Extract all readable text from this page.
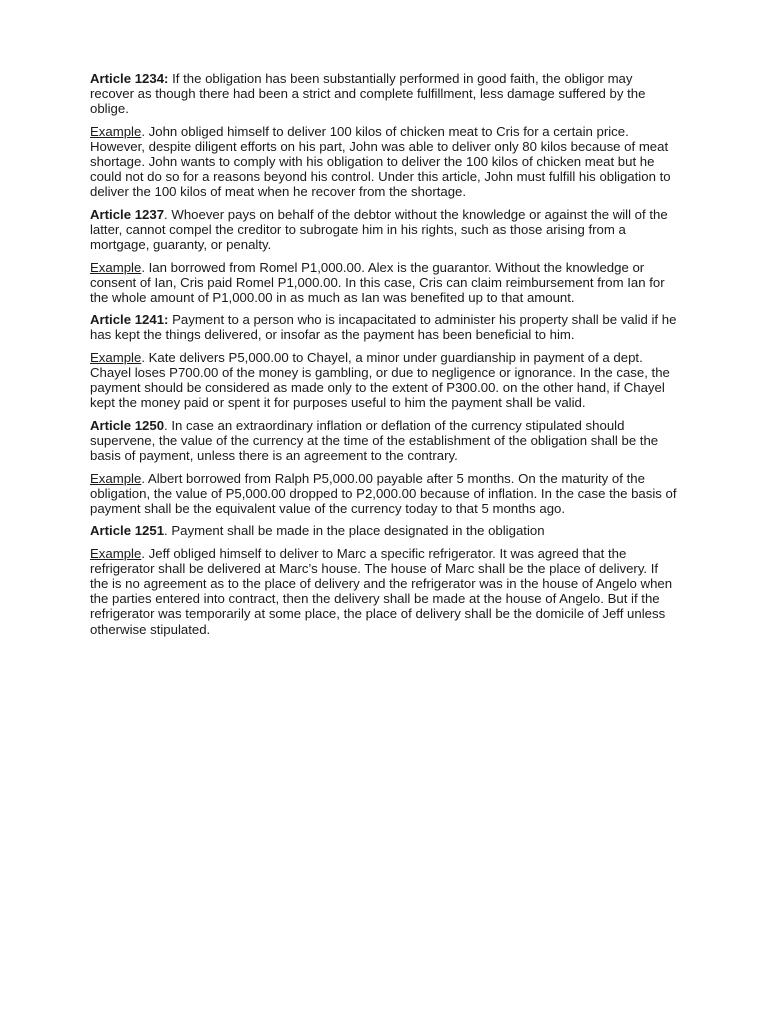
Article 1234: If the obligation has been substantially performed in good faith, the obligor may recover as though there had been a strict and complete fulfillment, less damage suffered by the oblige.

Example. John obliged himself to deliver 100 kilos of chicken meat to Cris for a certain price. However, despite diligent efforts on his part, John was able to deliver only 80 kilos because of meat shortage. John wants to comply with his obligation to deliver the 100 kilos of chicken meat but he could not do so for a reasons beyond his control. Under this article, John must fulfill his obligation to deliver the 100 kilos of meat when he recover from the shortage.

Article 1237. Whoever pays on behalf of the debtor without the knowledge or against the will of the latter, cannot compel the creditor to subrogate him in his rights, such as those arising from a mortgage, guaranty, or penalty.

Example. Ian borrowed from Romel P1,000.00. Alex is the guarantor. Without the knowledge or consent of Ian, Cris paid Romel P1,000.00. In this case, Cris can claim reimbursement from Ian for the whole amount of P1,000.00 in as much as Ian was benefited up to that amount.

Article 1241: Payment to a person who is incapacitated to administer his property shall be valid if he has kept the things delivered, or insofar as the payment has been beneficial to him.

Example. Kate delivers P5,000.00 to Chayel, a minor under guardianship in payment of a dept. Chayel loses P700.00 of the money is gambling, or due to negligence or ignorance. In the case, the payment should be considered as made only to the extent of P300.00. on the other hand, if Chayel kept the money paid or spent it for purposes useful to him the payment shall be valid.

Article 1250. In case an extraordinary inflation or deflation of the currency stipulated should supervene, the value of the currency at the time of the establishment of the obligation shall be the basis of payment, unless there is an agreement to the contrary.

Example. Albert borrowed from Ralph P5,000.00 payable after 5 months. On the maturity of the obligation, the value of P5,000.00 dropped to P2,000.00 because of inflation. In the case the basis of payment shall be the equivalent value of the currency today to that 5 months ago.

Article 1251. Payment shall be made in the place designated in the obligation

Example. Jeff obliged himself to deliver to Marc a specific refrigerator. It was agreed that the refrigerator shall be delivered at Marc’s house. The house of Marc shall be the place of delivery. If the is no agreement as to the place of delivery and the refrigerator was in the house of Angelo when the parties entered into contract, then the delivery shall be made at the house of Angelo. But if the refrigerator was temporarily at some place, the place of delivery shall be the domicile of Jeff unless otherwise stipulated.
